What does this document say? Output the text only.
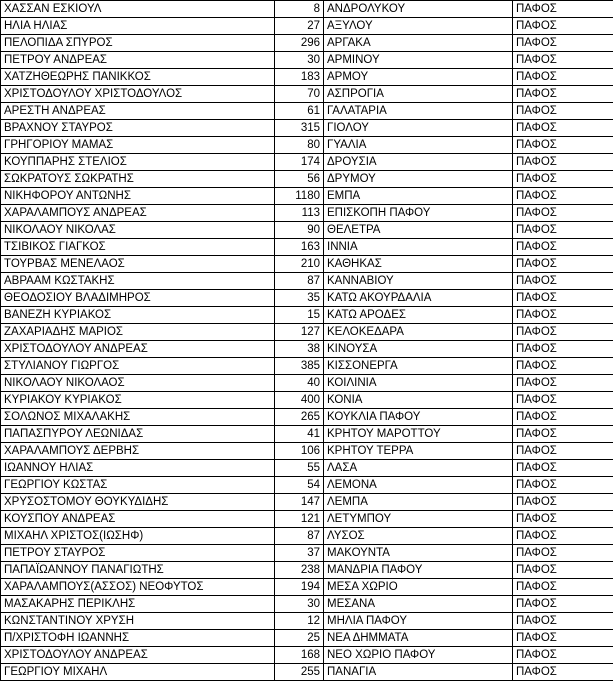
ΧΑΣΣΑΝ ΕΣΚΙΟΥΛ	8	ΑΝΔΡΟΛΥΚΟΥ	ΠΑΦΟΣ
ΗΛΙΑ ΗΛΙΑΣ	27	ΑΞΥΛΟΥ	ΠΑΦΟΣ
ΠΕΛΟΠΙΔΑ ΣΠΥΡΟΣ	296	ΑΡΓΑΚΑ	ΠΑΦΟΣ
ΠΕΤΡΟΥ ΑΝΔΡΕΑΣ	30	ΑΡΜΙΝΟΥ	ΠΑΦΟΣ
ΧΑΤΖΗΘΕΩΡΗΣ ΠΑΝΙΚΚΟΣ	183	ΑΡΜΟΥ	ΠΑΦΟΣ
ΧΡΙΣΤΟΔΟΥΛΟΥ ΧΡΙΣΤΟΔΟΥΛΟΣ	70	ΑΣΠΡΟΓΙΑ	ΠΑΦΟΣ
ΑΡΕΣΤΗ ΑΝΔΡΕΑΣ	61	ΓΑΛΑΤΑΡΙΑ	ΠΑΦΟΣ
ΒΡΑΧΝΟΥ ΣΤΑΥΡΟΣ	315	ΓΙΟΛΟΥ	ΠΑΦΟΣ
ΓΡΗΓΟΡΙΟΥ ΜΑΜΑΣ	80	ΓΥΑΛΙΑ	ΠΑΦΟΣ
ΚΟΥΠΠΑΡΗΣ ΣΤΕΛΙΟΣ	174	ΔΡΟΥΣΙΑ	ΠΑΦΟΣ
ΣΩΚΡΑΤΟΥΣ ΣΩΚΡΑΤΗΣ	56	ΔΡΥΜΟΥ	ΠΑΦΟΣ
ΝΙΚΗΦΟΡΟΥ ΑΝΤΩΝΗΣ	1180	ΕΜΠΑ	ΠΑΦΟΣ
ΧΑΡΑΛΑΜΠΟΥΣ ΑΝΔΡΕΑΣ	113	ΕΠΙΣΚΟΠΗ ΠΑΦΟΥ	ΠΑΦΟΣ
ΝΙΚΟΛΑΟΥ ΝΙΚΟΛΑΣ	90	ΘΕΛΕΤΡΑ	ΠΑΦΟΣ
ΤΣΙΒΙΚΟΣ ΓΙΑΓΚΟΣ	163	ΙΝΝΙΑ	ΠΑΦΟΣ
ΤΟΥΡΒΑΣ ΜΕΝΕΛΑΟΣ	210	ΚΑΘΗΚΑΣ	ΠΑΦΟΣ
ΑΒΡΑΑΜ ΚΩΣΤΑΚΗΣ	87	ΚΑΝΝΑΒΙΟΥ	ΠΑΦΟΣ
ΘΕΟΔΟΣΙΟΥ ΒΛΑΔΙΜΗΡΟΣ	35	ΚΑΤΩ ΑΚΟΥΡΔΑΛΙΑ	ΠΑΦΟΣ
ΒΑΝΕΖΗ ΚΥΡΙΑΚΟΣ	15	ΚΑΤΩ ΑΡΟΔΕΣ	ΠΑΦΟΣ
ΖΑΧΑΡΙΑΔΗΣ ΜΑΡΙΟΣ	127	ΚΕΛΟΚΕΔΑΡΑ	ΠΑΦΟΣ
ΧΡΙΣΤΟΔΟΥΛΟΥ ΑΝΔΡΕΑΣ	38	ΚΙΝΟΥΣΑ	ΠΑΦΟΣ
ΣΤΥΛΙΑΝΟΥ ΓΙΩΡΓΟΣ	385	ΚΙΣΣΟΝΕΡΓΑ	ΠΑΦΟΣ
ΝΙΚΟΛΑΟΥ ΝΙΚΟΛΑΟΣ	40	ΚΟΙΛΙΝΙΑ	ΠΑΦΟΣ
ΚΥΡΙΑΚΟΥ ΚΥΡΙΑΚΟΣ	400	ΚΟΝΙΑ	ΠΑΦΟΣ
ΣΟΛΩΝΟΣ ΜΙΧΑΛΑΚΗΣ	265	ΚΟΥΚΛΙΑ ΠΑΦΟΥ	ΠΑΦΟΣ
ΠΑΠΑΣΠΥΡΟΥ ΛΕΩΝΙΔΑΣ	41	ΚΡΗΤΟΥ ΜΑΡΟΤΤΟΥ	ΠΑΦΟΣ
ΧΑΡΑΛΑΜΠΟΥΣ ΔΕΡΒΗΣ	106	ΚΡΗΤΟΥ ΤΕΡΡΑ	ΠΑΦΟΣ
ΙΩΑΝΝΟΥ ΗΛΙΑΣ	55	ΛΑΣΑ	ΠΑΦΟΣ
ΓΕΩΡΓΙΟΥ ΚΩΣΤΑΣ	54	ΛΕΜΟΝΑ	ΠΑΦΟΣ
ΧΡΥΣΟΣΤΟΜΟΥ ΘΟΥΚΥΔΙΔΗΣ	147	ΛΕΜΠΑ	ΠΑΦΟΣ
ΚΟΥΣΠΟΥ ΑΝΔΡΕΑΣ	121	ΛΕΤΥΜΠΟΥ	ΠΑΦΟΣ
ΜΙΧΑΗΛ ΧΡΙΣΤΟΣ(ΙΩΣΗΦ)	87	ΛΥΣΟΣ	ΠΑΦΟΣ
ΠΕΤΡΟΥ ΣΤΑΥΡΟΣ	37	ΜΑΚΟΥΝΤΑ	ΠΑΦΟΣ
ΠΑΠΑΪΩΑΝΝΟΥ ΠΑΝΑΓΙΩΤΗΣ	238	ΜΑΝΔΡΙΑ ΠΑΦΟΥ	ΠΑΦΟΣ
ΧΑΡΑΛΑΜΠΟΥΣ(ΑΣΣΟΣ) ΝΕΟΦΥΤΟΣ	194	ΜΕΣΑ ΧΩΡΙΟ	ΠΑΦΟΣ
ΜΑΣΑΚΑΡΗΣ ΠΕΡΙΚΛΗΣ	30	ΜΕΣΑΝΑ	ΠΑΦΟΣ
ΚΩΝΣΤΑΝΤΙΝΟΥ ΧΡΥΣΗ	12	ΜΗΛΙΑ ΠΑΦΟΥ	ΠΑΦΟΣ
Π/ΧΡΙΣΤΟΦΗ ΙΩΑΝΝΗΣ	25	ΝΕΑ ΔΗΜΜΑΤΑ	ΠΑΦΟΣ
ΧΡΙΣΤΟΔΟΥΛΟΥ ΑΝΔΡΕΑΣ	168	ΝΕΟ ΧΩΡΙΟ ΠΑΦΟΥ	ΠΑΦΟΣ
ΓΕΩΡΓΙΟΥ ΜΙΧΑΗΛ	255	ΠΑΝΑΓΙΑ	ΠΑΦΟΣ
